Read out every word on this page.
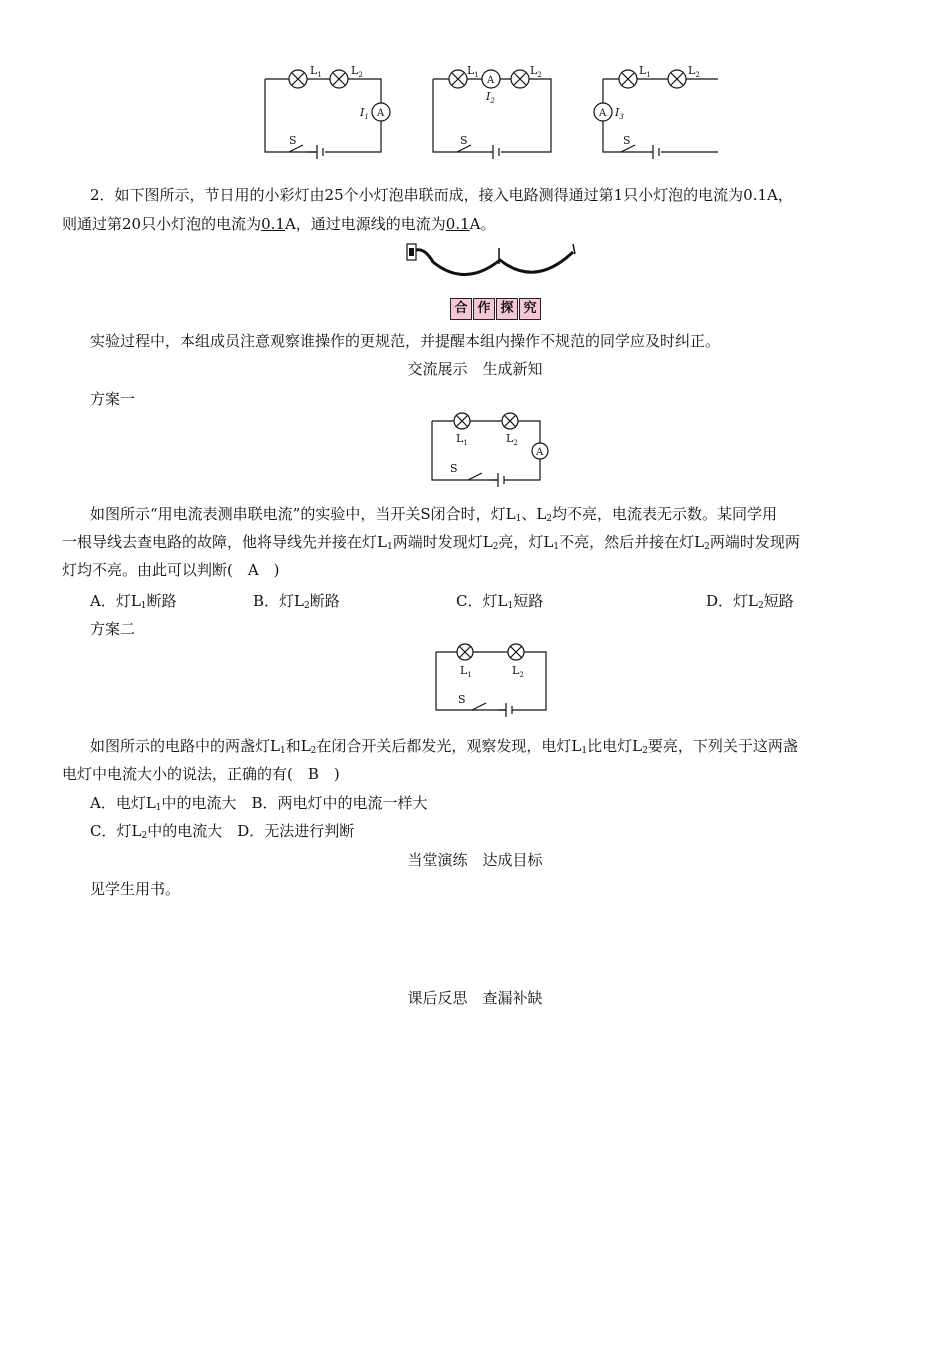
$L_1$	$L_2$
A
$I_1$
S
$L_1$	$L_2$
A
$I_2$
S
$L_1$	$L_2$
A $I_3$
S
2．如下图所示，节日用的小彩灯由25个小灯泡串联而成，接入电路测得通过第1只小灯泡的电流为0.1A，
则通过第20只小灯泡的电流为0.1A，通过电源线的电流为0.1A。
合 作 探 究
实验过程中，本组成员注意观察谁操作的更规范，并提醒本组内操作不规范的同学应及时纠正。
交流展示　生成新知
方案一
$L_1$	$L_2$
A
S
如图所示“用电流表测串联电流”的实验中，当开关S闭合时，灯$L_1$、$L_2$均不亮，电流表无示数。某同学用
一根导线去查电路的故障，他将导线先并接在灯$L_1$两端时发现灯$L_2$亮，灯$L_1$不亮，然后并接在灯$L_2$两端时发现两
灯均不亮。由此可以判断(　A　)
A．灯$L_1$断路	B．灯$L_2$断路	C．灯$L_1$短路	D．灯$L_2$短路
方案二
$L_1$	$L_2$
S
如图所示的电路中的两盏灯$L_1$和$L_2$在闭合开关后都发光，观察发现，电灯$L_1$比电灯$L_2$要亮，下列关于这两盏
电灯中电流大小的说法，正确的有(　B　)
A．电灯$L_1$中的电流大　B．两电灯中的电流一样大
C．灯$L_2$中的电流大　D．无法进行判断
当堂演练　达成目标
见学生用书。
课后反思　查漏补缺
